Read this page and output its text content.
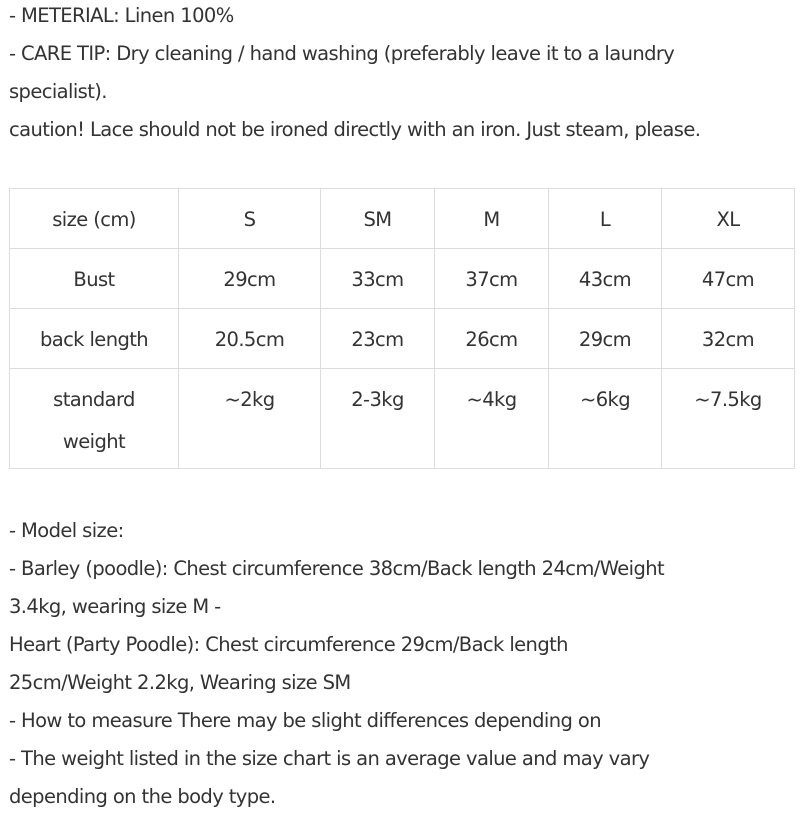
- METERIAL: Linen 100%

- CARE TIP: Dry cleaning / hand washing (preferably leave it to a laundry

specialist).

caution! Lace should not be ironed directly with an iron. Just steam, please.

size (cm)	S	SM	M	L	XL
Bust	29cm	33cm	37cm	43cm	47cm
back length	20.5cm	23cm	26cm	29cm	32cm
standard weight	~2kg	2-3kg	~4kg	~6kg	~7.5kg

- Model size:

- Barley (poodle): Chest circumference 38cm/Back length 24cm/Weight

3.4kg, wearing size M -

Heart (Party Poodle): Chest circumference 29cm/Back length

25cm/Weight 2.2kg, Wearing size SM

- How to measure There may be slight differences depending on

- The weight listed in the size chart is an average value and may vary

depending on the body type.
